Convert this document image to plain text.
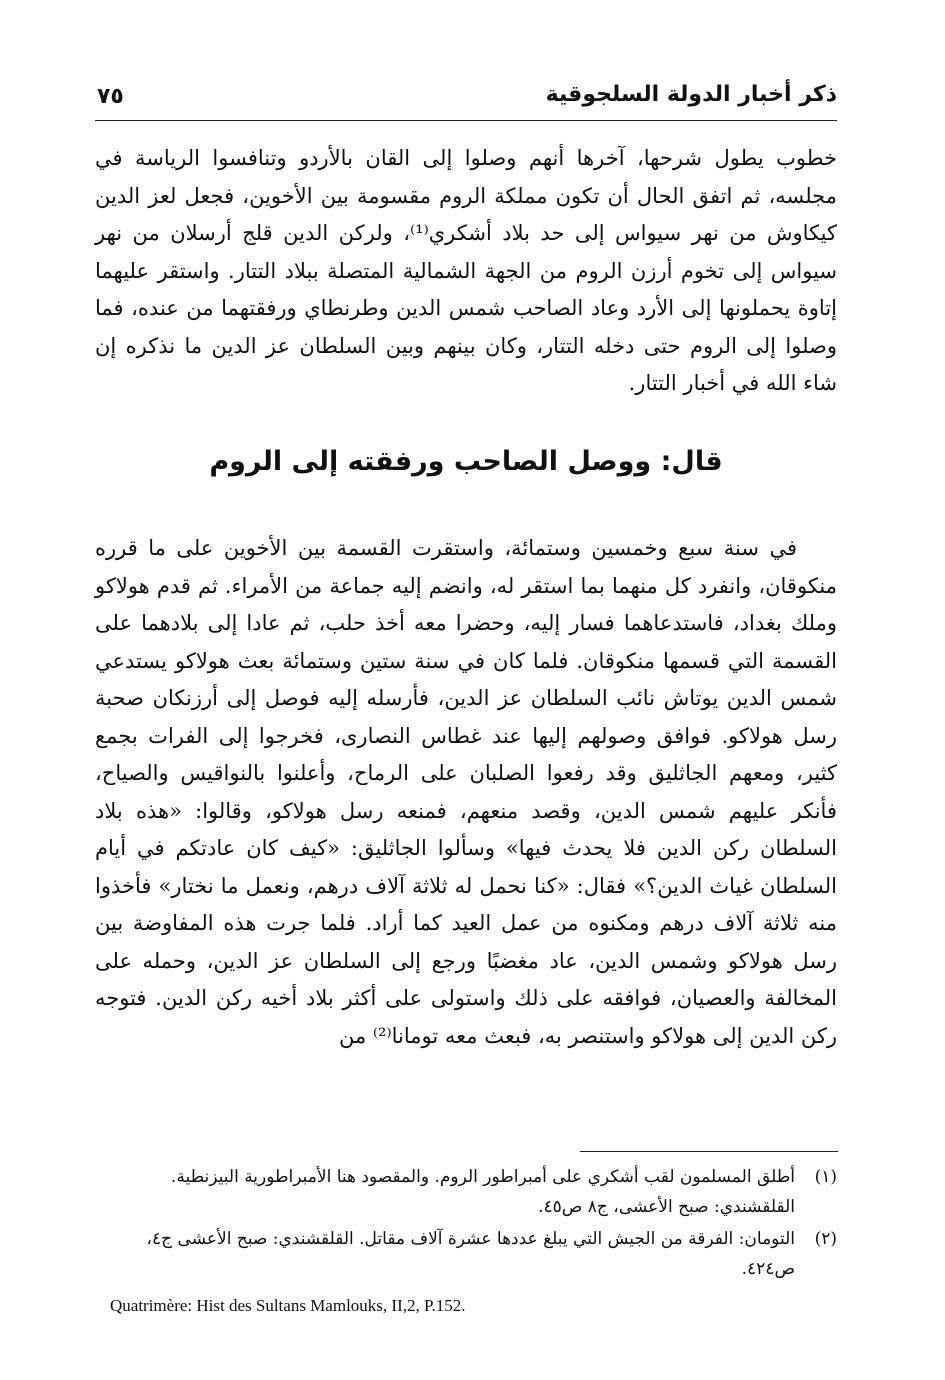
ذكر أخبار الدولة السلجوقية
٧٥

خطوب يطول شرحها، آخرها أنهم وصلوا إلى القان بالأردو وتنافسوا الرياسة في مجلسه، ثم اتفق الحال أن تكون مملكة الروم مقسومة بين الأخوين، فجعل لعز الدين كيكاوش من نهر سيواس إلى حد بلاد أشكري⁽¹⁾، ولركن الدين قلج أرسلان من نهر سيواس إلى تخوم أرزن الروم من الجهة الشمالية المتصلة ببلاد التتار. واستقر عليهما إتاوة يحملونها إلى الأرد وعاد الصاحب شمس الدين وطرنطاي ورفقتهما من عنده، فما وصلوا إلى الروم حتى دخله التتار، وكان بينهم وبين السلطان عز الدين ما نذكره إن شاء الله في أخبار التتار.

قال: ووصل الصاحب ورفقته إلى الروم

في سنة سبع وخمسين وستمائة، واستقرت القسمة بين الأخوين على ما قرره منكوقان، وانفرد كل منهما بما استقر له، وانضم إليه جماعة من الأمراء. ثم قدم هولاكو وملك بغداد، فاستدعاهما فسار إليه، وحضرا معه أخذ حلب، ثم عادا إلى بلادهما على القسمة التي قسمها منكوقان. فلما كان في سنة ستين وستمائة بعث هولاكو يستدعي شمس الدين يوتاش نائب السلطان عز الدين، فأرسله إليه فوصل إلى أرزنكان صحبة رسل هولاكو. فوافق وصولهم إليها عند غطاس النصارى، فخرجوا إلى الفرات بجمع كثير، ومعهم الجاثليق وقد رفعوا الصلبان على الرماح، وأعلنوا بالنواقيس والصياح، فأنكر عليهم شمس الدين، وقصد منعهم، فمنعه رسل هولاكو، وقالوا: «هذه بلاد السلطان ركن الدين فلا يحدث فيها» وسألوا الجاثليق: «كيف كان عادتكم في أيام السلطان غياث الدين؟» فقال: «كنا نحمل له ثلاثة آلاف درهم، ونعمل ما نختار» فأخذوا منه ثلاثة آلاف درهم ومكنوه من عمل العيد كما أراد. فلما جرت هذه المفاوضة بين رسل هولاكو وشمس الدين، عاد مغضبًا ورجع إلى السلطان عز الدين، وحمله على المخالفة والعصيان، فوافقه على ذلك واستولى على أكثر بلاد أخيه ركن الدين. فتوجه ركن الدين إلى هولاكو واستنصر به، فبعث معه تومانا⁽²⁾ من

(١)
أطلق المسلمون لقب أشكري على أمبراطور الروم. والمقصود هنا الأمبراطورية البيزنطية. القلقشندي: صبح الأعشى، ج٨ ص٤٥.
(٢)
التومان: الفرقة من الجيش التي يبلغ عددها عشرة آلاف مقاتل. القلقشندي: صبح الأعشى ج٤، ص٤٢٤.
Quatrimère: Hist des Sultans Mamlouks, II,2, P.152.
